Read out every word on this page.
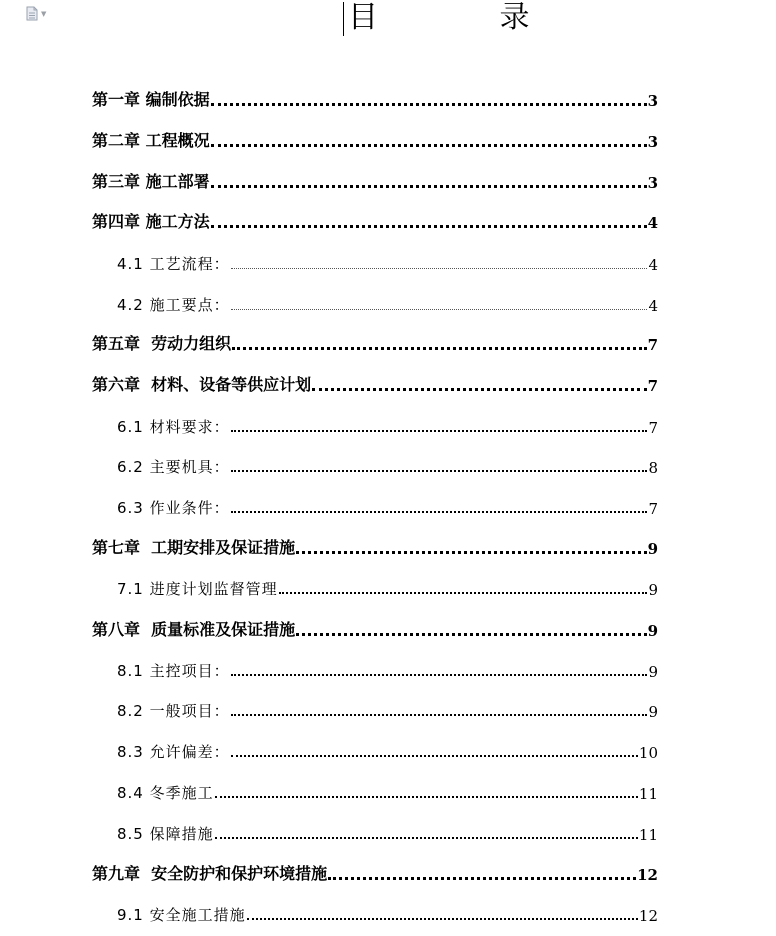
▼	目 录
第一章 编制依据	3
第二章 工程概况	3
第三章 施工部署	3
第四章 施工方法	4
4.1 工艺流程：	4
4.2 施工要点：	4
第五章  劳动力组织	7
第六章  材料、设备等供应计划	7
6.1 材料要求：	7
6.2 主要机具：	8
6.3 作业条件：	7
第七章  工期安排及保证措施	9
7.1 进度计划监督管理	9
第八章  质量标准及保证措施	9
8.1 主控项目：	9
8.2 一般项目：	9
8.3 允许偏差：	10
8.4 冬季施工	11
8.5 保障措施	11
第九章  安全防护和保护环境措施	12
9.1 安全施工措施	12
